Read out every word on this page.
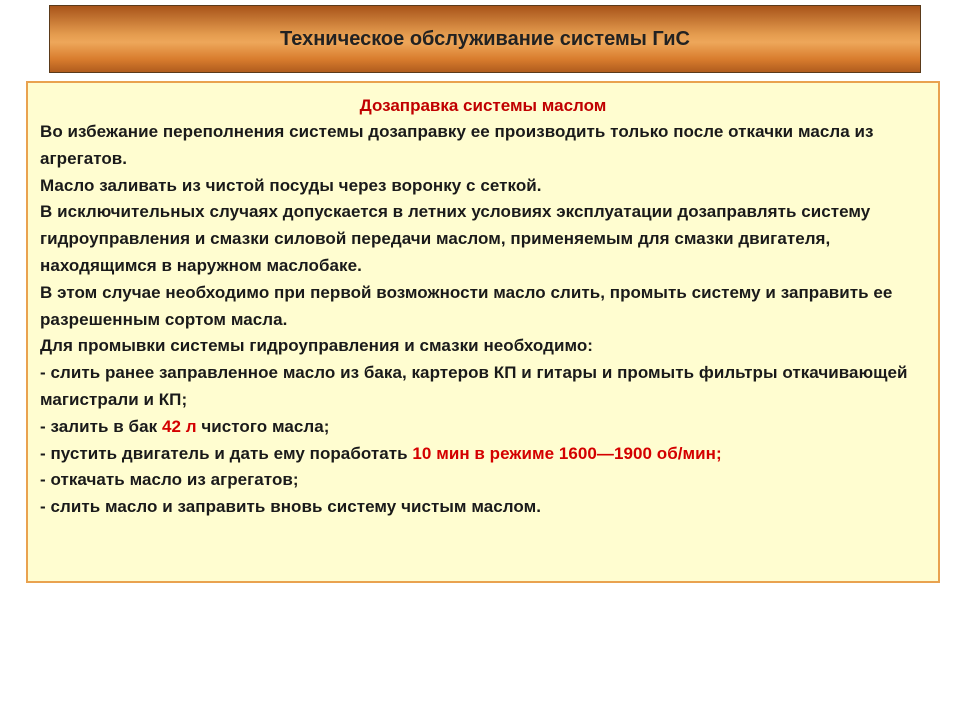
Техническое обслуживание системы ГиС

Дозаправка системы маслом

Во избежание переполнения системы дозаправку ее производить только после откачки масла из агрегатов.

Масло заливать из чистой посуды через воронку с сеткой.

В исключительных случаях допускается в летних условиях эксплуатации дозаправлять систему гидроуправления и смазки силовой передачи маслом, применяемым для смазки двигателя, находящимся в наружном маслобаке.

В этом случае необходимо при первой возможности масло слить, промыть систему и заправить ее разрешенным сортом масла.

Для промывки системы гидроуправления и смазки необходимо:

- слить ранее заправленное масло из бака, картеров КП и гитары и промыть фильтры откачивающей магистрали и КП;

- залить в бак 42 л чистого масла;

- пустить двигатель и дать ему поработать 10 мин в режиме 1600—1900 об/мин;

- откачать масло из агрегатов;

- слить масло и заправить вновь систему чистым маслом.
